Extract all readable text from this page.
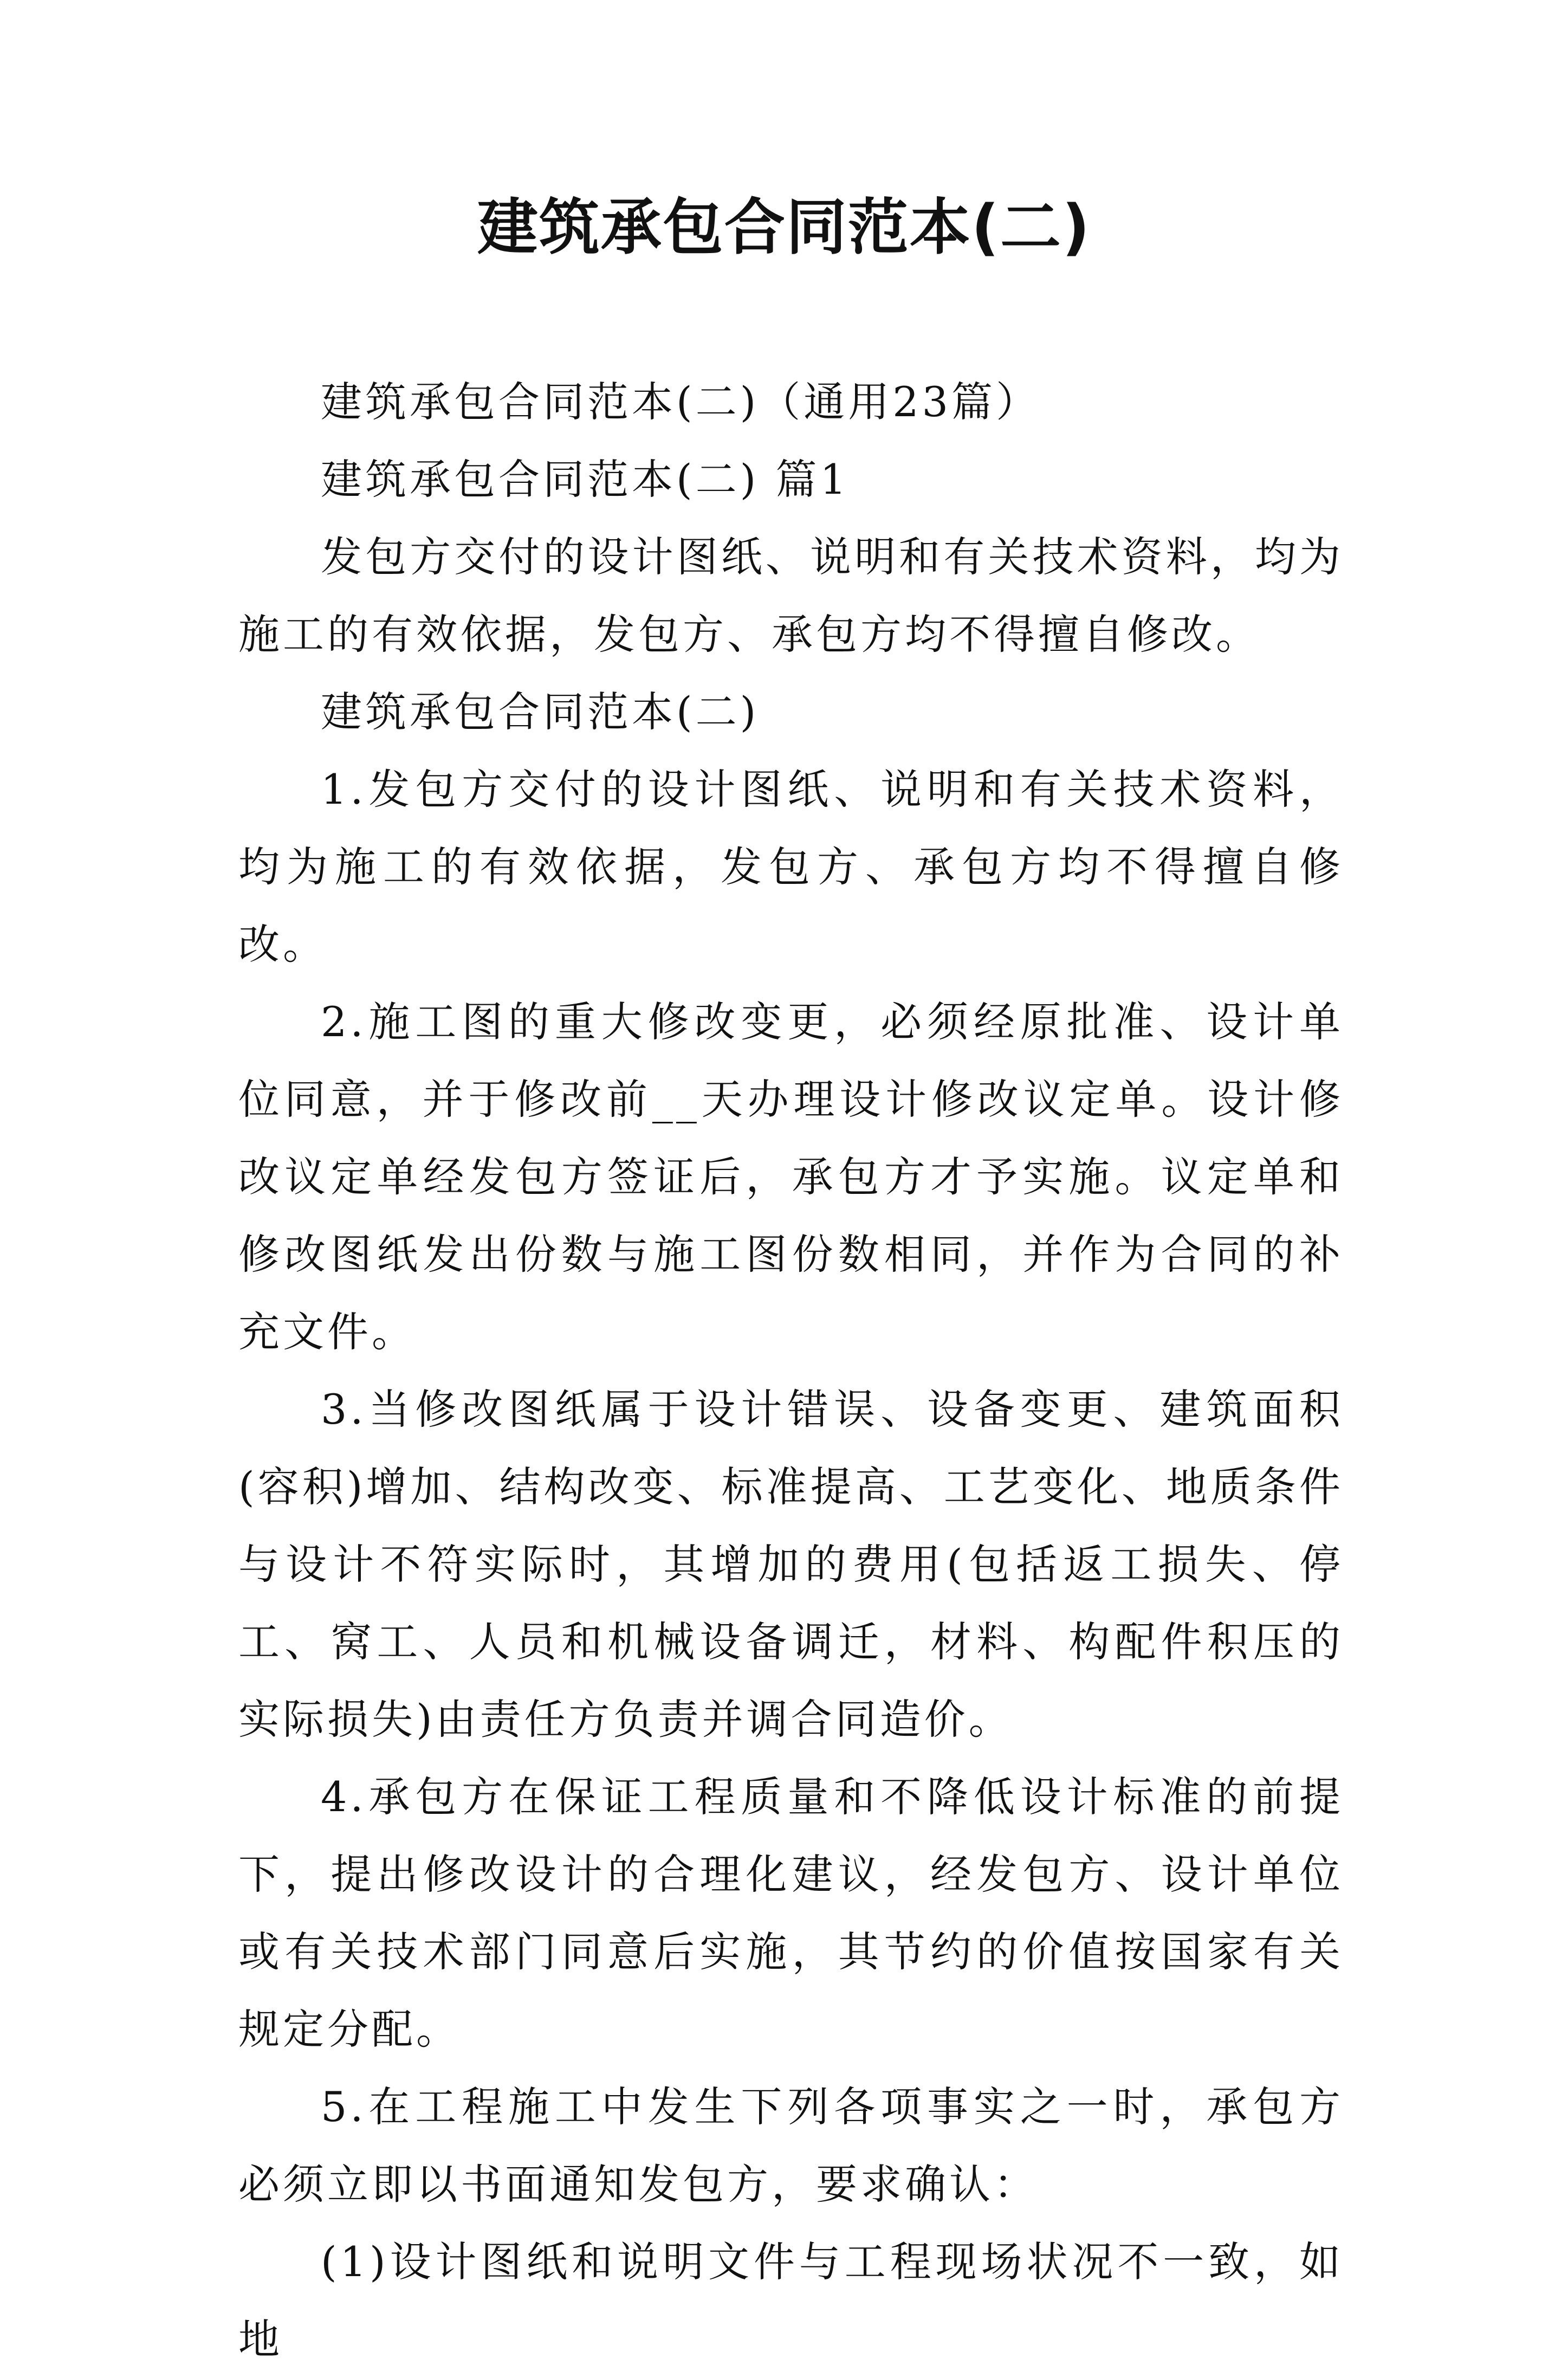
建筑承包合同范本(二)

建筑承包合同范本(二)（通用23篇）

建筑承包合同范本(二) 篇1

发包方交付的设计图纸、说明和有关技术资料，均为施工的有效依据，发包方、承包方均不得擅自修改。

建筑承包合同范本(二)

1.发包方交付的设计图纸、说明和有关技术资料，均为施工的有效依据，发包方、承包方均不得擅自修改。

2.施工图的重大修改变更，必须经原批准、设计单位同意，并于修改前__天办理设计修改议定单。设计修改议定单经发包方签证后，承包方才予实施。议定单和修改图纸发出份数与施工图份数相同，并作为合同的补充文件。

3.当修改图纸属于设计错误、设备变更、建筑面积(容积)增加、结构改变、标准提高、工艺变化、地质条件与设计不符实际时，其增加的费用(包括返工损失、停工、窝工、人员和机械设备调迁，材料、构配件积压的实际损失)由责任方负责并调合同造价。

4.承包方在保证工程质量和不降低设计标准的前提下，提出修改设计的合理化建议，经发包方、设计单位或有关技术部门同意后实施，其节约的价值按国家有关规定分配。

5.在工程施工中发生下列各项事实之一时，承包方必须立即以书面通知发包方，要求确认：

(1)设计图纸和说明文件与工程现场状况不一致，如地
